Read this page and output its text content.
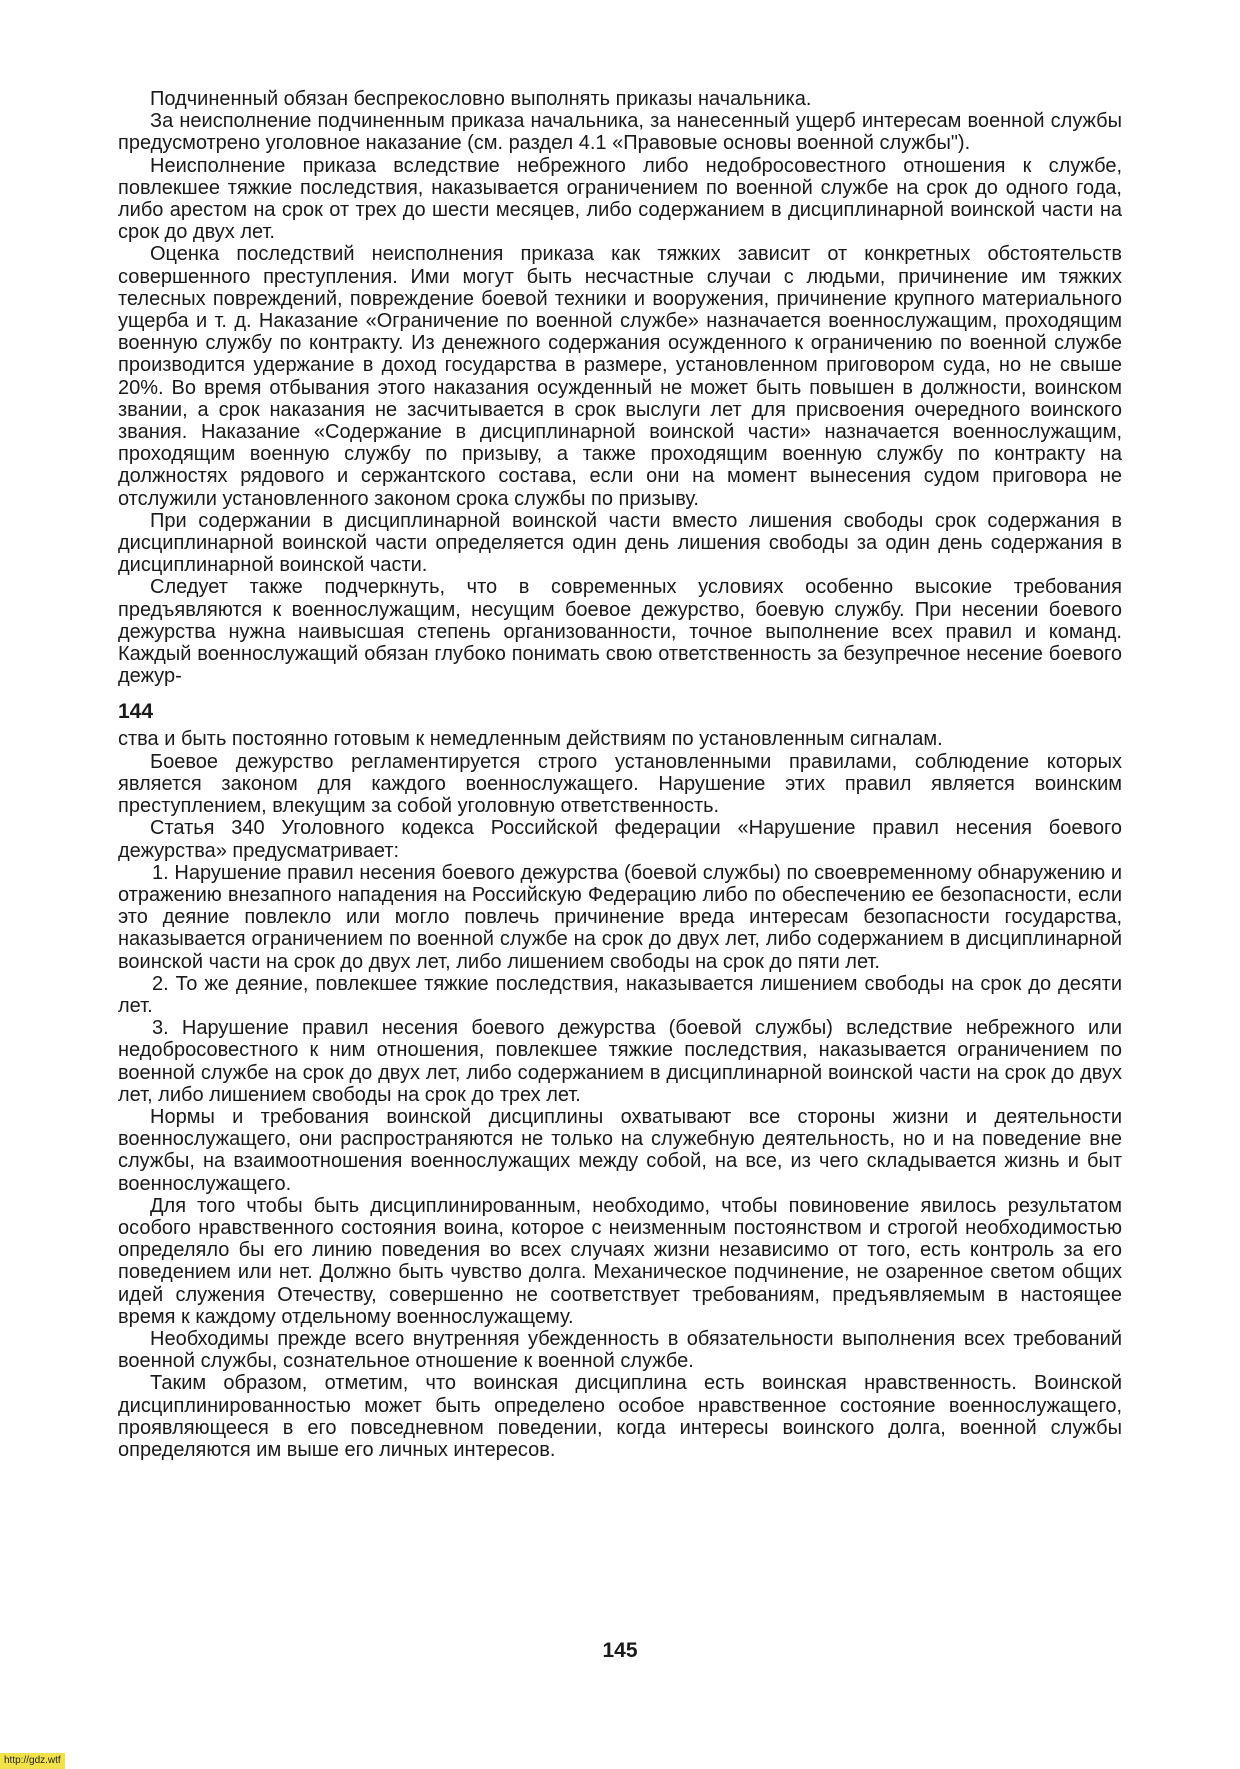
Подчиненный обязан беспрекословно выполнять приказы начальника.

За неисполнение подчиненным приказа начальника, за нанесенный ущерб интересам военной службы предусмотрено уголовное наказание (см. раздел 4.1 «Правовые основы военной службы").

Неисполнение приказа вследствие небрежного либо недобросовестного отношения к службе, повлекшее тяжкие последствия, наказывается ограничением по военной службе на срок до одного года, либо арестом на срок от трех до шести месяцев, либо содержанием в дисциплинарной воинской части на срок до двух лет.

Оценка последствий неисполнения приказа как тяжких зависит от конкретных обстоятельств совершенного преступления. Ими могут быть несчастные случаи с людьми, причинение им тяжких телесных повреждений, повреждение боевой техники и вооружения, причинение крупного материального ущерба и т. д. Наказание «Ограничение по военной службе» назначается военнослужащим, проходящим военную службу по контракту. Из денежного содержания осужденного к ограничению по военной службе производится удержание в доход государства в размере, установленном приговором суда, но не свыше 20%. Во время отбывания этого наказания осужденный не может быть повышен в должности, воинском звании, а срок наказания не засчитывается в срок выслуги лет для присвоения очередного воинского звания. Наказание «Содержание в дисциплинарной воинской части» назначается военнослужащим, проходящим военную службу по призыву, а также проходящим военную службу по контракту на должностях рядового и сержантского состава, если они на момент вынесения судом приговора не отслужили установленного законом срока службы по призыву.

При содержании в дисциплинарной воинской части вместо лишения свободы срок содержания в дисциплинарной воинской части определяется один день лишения свободы за один день содержания в дисциплинарной воинской части.

Следует также подчеркнуть, что в современных условиях особенно высокие требования предъявляются к военнослужащим, несущим боевое дежурство, боевую службу. При несении боевого дежурства нужна наивысшая степень организованности, точное выполнение всех правил и команд. Каждый военнослужащий обязан глубоко понимать свою ответственность за безупречное несение боевого дежур-

144

ства и быть постоянно готовым к немедленным действиям по установленным сигналам.

Боевое дежурство регламентируется строго установленными правилами, соблюдение которых является законом для каждого военнослужащего. Нарушение этих правил является воинским преступлением, влекущим за собой уголовную ответственность.

Статья 340 Уголовного кодекса Российской федерации «Нарушение правил несения боевого дежурства» предусматривает:

1. Нарушение правил несения боевого дежурства (боевой службы) по своевременному обнаружению и отражению внезапного нападения на Российскую Федерацию либо по обеспечению ее безопасности, если это деяние повлекло или могло повлечь причинение вреда интересам безопасности государства, наказывается ограничением по военной службе на срок до двух лет, либо содержанием в дисциплинарной воинской части на срок до двух лет, либо лишением свободы на срок до пяти лет.

2. То же деяние, повлекшее тяжкие последствия, наказывается лишением свободы на срок до десяти лет.

3. Нарушение правил несения боевого дежурства (боевой службы) вследствие небрежного или недобросовестного к ним отношения, повлекшее тяжкие последствия, наказывается ограничением по военной службе на срок до двух лет, либо содержанием в дисциплинарной воинской части на срок до двух лет, либо лишением свободы на срок до трех лет.

Нормы и требования воинской дисциплины охватывают все стороны жизни и деятельности военнослужащего, они распространяются не только на служебную деятельность, но и на поведение вне службы, на взаимоотношения военнослужащих между собой, на все, из чего складывается жизнь и быт военнослужащего.

Для того чтобы быть дисциплинированным, необходимо, чтобы повиновение явилось результатом особого нравственного состояния воина, которое с неизменным постоянством и строгой необходимостью определяло бы его линию поведения во всех случаях жизни независимо от того, есть контроль за его поведением или нет. Должно быть чувство долга. Механическое подчинение, не озаренное светом общих идей служения Отечеству, совершенно не соответствует требованиям, предъявляемым в настоящее время к каждому отдельному военнослужащему.

Необходимы прежде всего внутренняя убежденность в обязательности выполнения всех требований военной службы, сознательное отношение к военной службе.

Таким образом, отметим, что воинская дисциплина есть воинская нравственность. Воинской дисциплинированностью может быть определено особое нравственное состояние военнослужащего, проявляющееся в его повседневном поведении, когда интересы воинского долга, военной службы определяются им выше его личных интересов.

145
http://gdz.wtf
